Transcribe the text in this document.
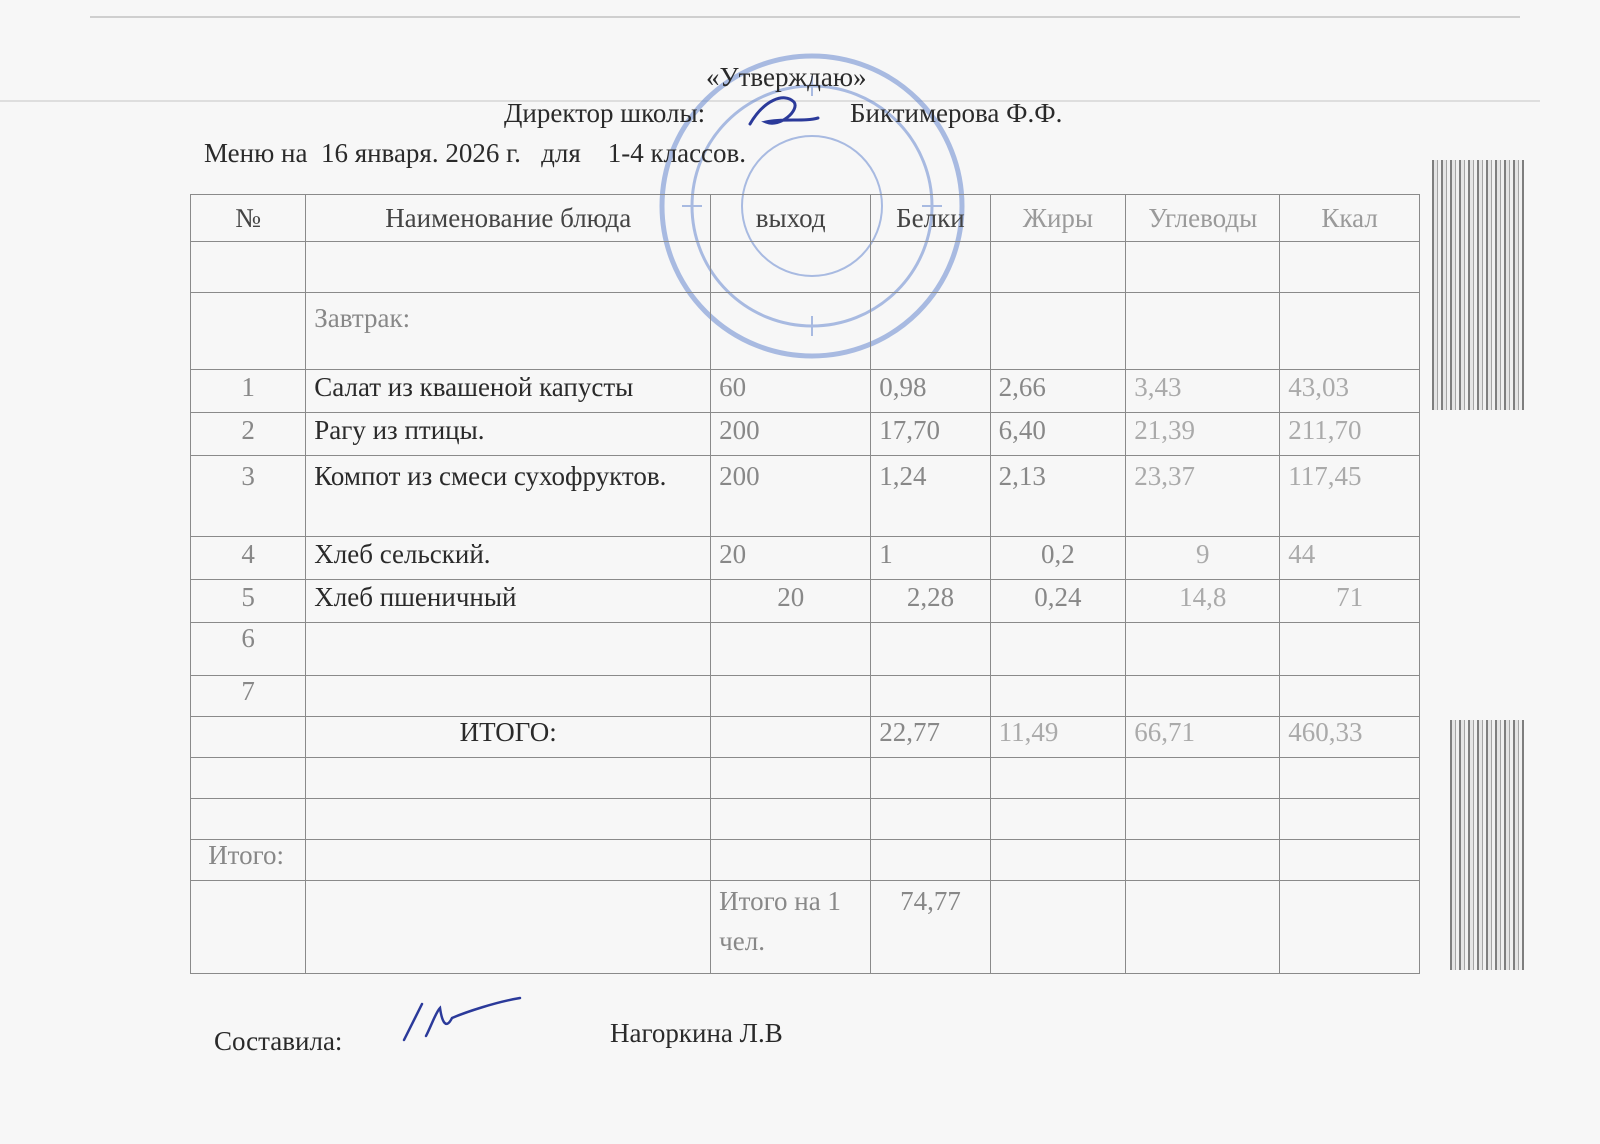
«Утверждаю»
Директор школы:	Биктимерова Ф.Ф.
Меню на  16 января. 2026 г.   для    1-4 классов.
№	Наименование блюда	выход	Белки	Жиры	Углеводы	Ккал

	Завтрак:					
1	Салат из квашеной капусты	60	0,98	2,66	3,43	43,03
2	Рагу из птицы.	200	17,70	6,40	21,39	211,70
3	Компот из смеси сухофруктов.	200	1,24	2,13	23,37	117,45
4	Хлеб сельский.	20	1	0,2	9	44
5	Хлеб пшеничный	20	2,28	0,24	14,8	71
6						
7						
	ИТОГО:		22,77	11,49	66,71	460,33

Итого:						
		Итого на 1 чел.	74,77			
Составила:	Нагоркина Л.В
